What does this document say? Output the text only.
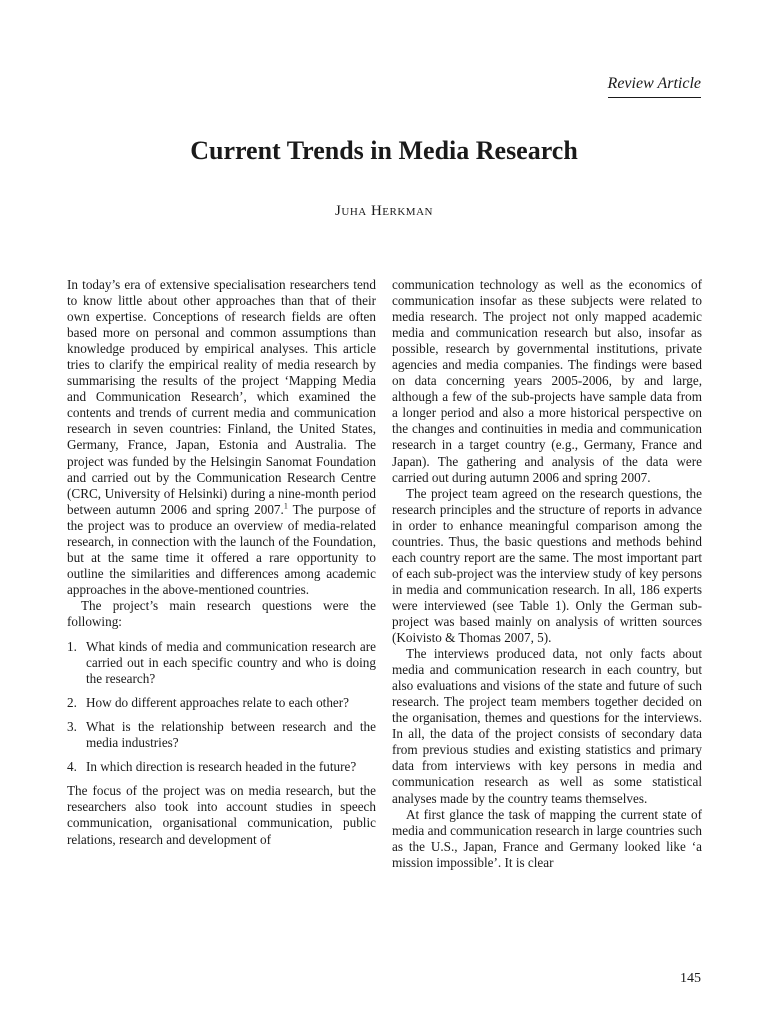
Review Article
Current Trends in Media Research
Juha Herkman

In today’s era of extensive specialisation researchers tend to know little about other approaches than that of their own expertise. Conceptions of research fields are often based more on personal and common assumptions than knowledge produced by empirical analyses. This article tries to clarify the empirical reality of media research by summarising the results of the project ‘Mapping Media and Communication Research’, which examined the contents and trends of current media and communication research in seven countries: Finland, the United States, Germany, France, Japan, Estonia and Australia. The project was funded by the Helsingin Sanomat Foundation and carried out by the Communication Research Centre (CRC, University of Helsinki) during a nine-month period between autumn 2006 and spring 2007.$^1$ The purpose of the project was to produce an overview of media-related research, in connection with the launch of the Foundation, but at the same time it offered a rare opportunity to outline the similarities and differences among academic approaches in the above-mentioned countries.

The project’s main research questions were the following:

1. What kinds of media and communication research are carried out in each specific country and who is doing the research?
2. How do different approaches relate to each other?
3. What is the relationship between research and the media industries?
4. In which direction is research headed in the future?

The focus of the project was on media research, but the researchers also took into account studies in speech communication, organisational communication, public relations, research and development of

communication technology as well as the economics of communication insofar as these subjects were related to media research. The project not only mapped academic media and communication research but also, insofar as possible, research by governmental institutions, private agencies and media companies. The findings were based on data concerning years 2005-2006, by and large, although a few of the sub-projects have sample data from a longer period and also a more historical perspective on the changes and continuities in media and communication research in a target country (e.g., Germany, France and Japan). The gathering and analysis of the data were carried out during autumn 2006 and spring 2007.

The project team agreed on the research questions, the research principles and the structure of reports in advance in order to enhance meaningful comparison among the countries. Thus, the basic questions and methods behind each country report are the same. The most important part of each sub-project was the interview study of key persons in media and communication research. In all, 186 experts were interviewed (see Table 1). Only the German sub-project was based mainly on analysis of written sources (Koivisto & Thomas 2007, 5).

The interviews produced data, not only facts about media and communication research in each country, but also evaluations and visions of the state and future of such research. The project team members together decided on the organisation, themes and questions for the interviews. In all, the data of the project consists of secondary data from previous studies and existing statistics and primary data from interviews with key persons in media and communication research as well as some statistical analyses made by the country teams themselves.

At first glance the task of mapping the current state of media and communication research in large countries such as the U.S., Japan, France and Germany looked like ‘a mission impossible’. It is clear

145
